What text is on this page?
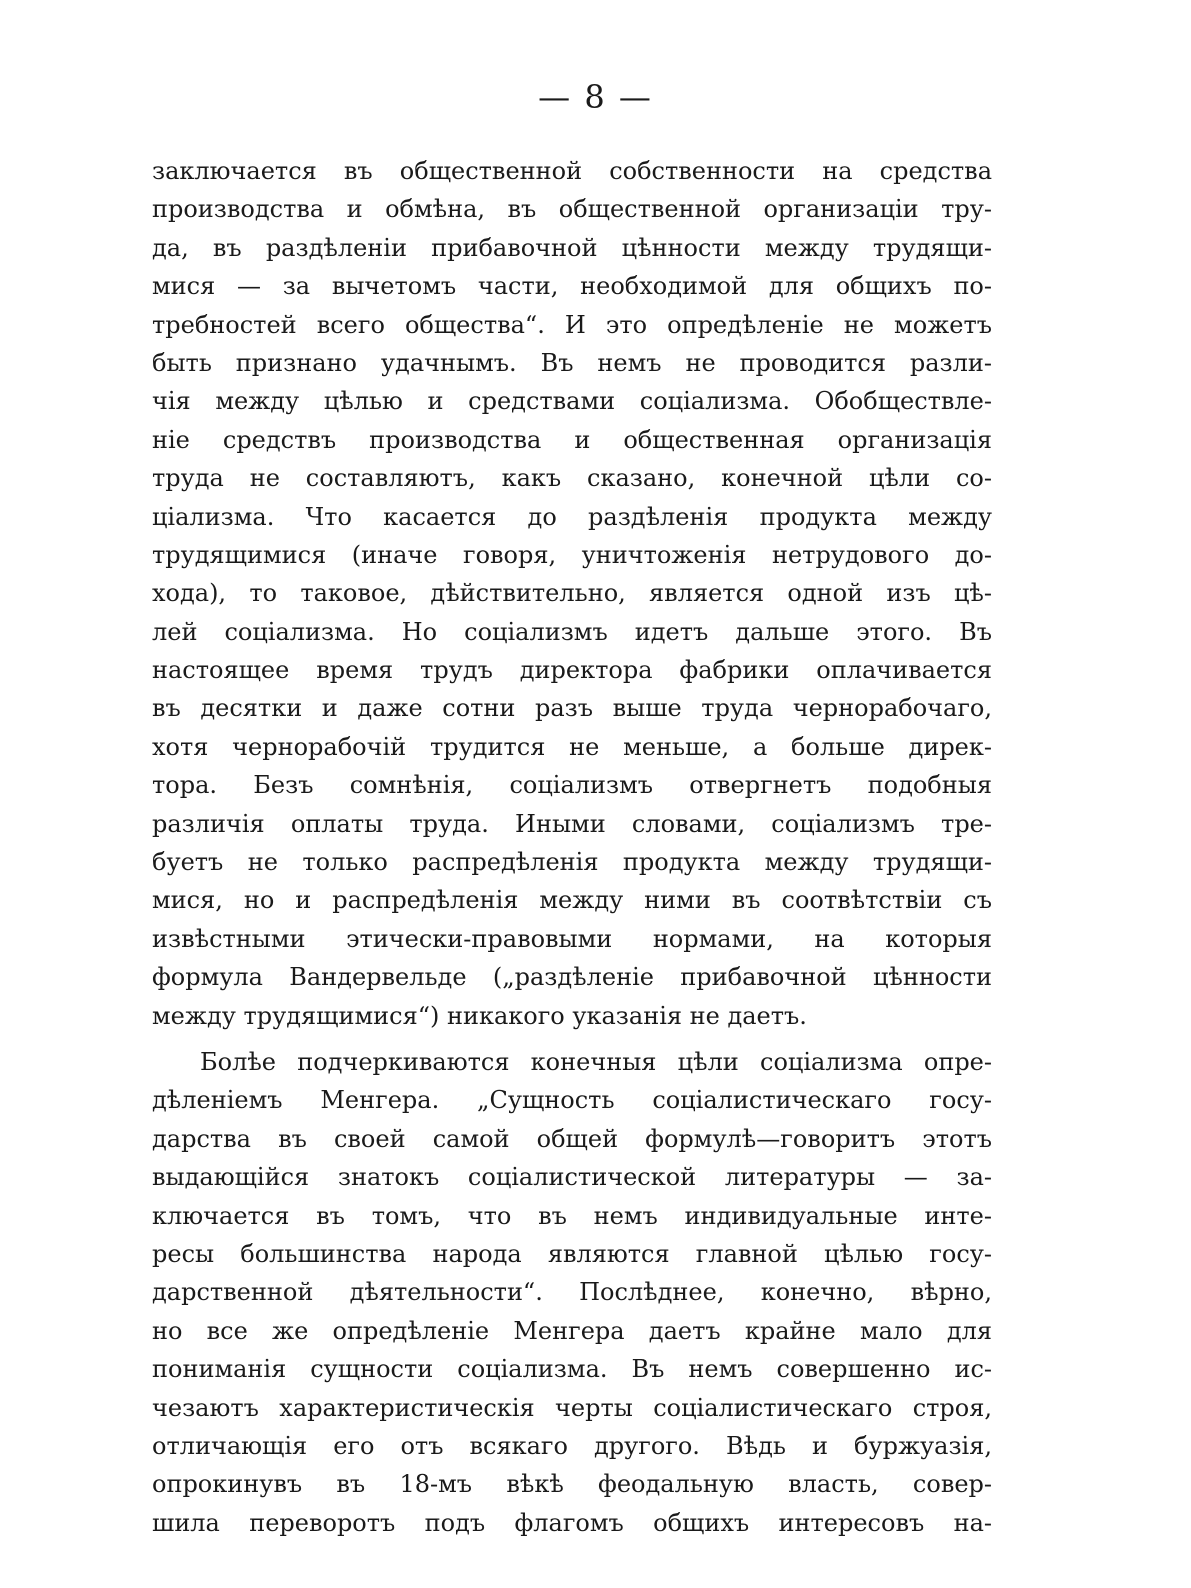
— 8 —
заключается въ общественной собственности на средства
производства и обмѣна, въ общественной организаціи тру-
да, въ раздѣленіи прибавочной цѣнности между трудящи-
мися — за вычетомъ части, необходимой для общихъ по-
требностей всего общества“. И это опредѣленіе не можетъ
быть признано удачнымъ. Въ немъ не проводится разли-
чія между цѣлью и средствами соціализма. Обобществле-
ніе средствъ производства и общественная организація
труда не составляютъ, какъ сказано, конечной цѣли со-
ціализма. Что касается до раздѣленія продукта между
трудящимися (иначе говоря, уничтоженія нетрудового до-
хода), то таковое, дѣйствительно, является одной изъ цѣ-
лей соціализма. Но соціализмъ идетъ дальше этого. Въ
настоящее время трудъ директора фабрики оплачивается
въ десятки и даже сотни разъ выше труда чернорабочаго,
хотя чернорабочій трудится не меньше, а больше дирек-
тора. Безъ сомнѣнія, соціализмъ отвергнетъ подобныя
различія оплаты труда. Иными словами, соціализмъ тре-
буетъ не только распредѣленія продукта между трудящи-
мися, но и распредѣленія между ними въ соотвѣтствіи съ
извѣстными этически-правовыми нормами, на которыя
формула Вандервельде („раздѣленіе прибавочной цѣнности
между трудящимися“) никакого указанія не даетъ.
Болѣе подчеркиваются конечныя цѣли соціализма опре-
дѣленіемъ Менгера. „Сущность соціалистическаго госу-
дарства въ своей самой общей формулѣ—говоритъ этотъ
выдающійся знатокъ соціалистической литературы — за-
ключается въ томъ, что въ немъ индивидуальные инте-
ресы большинства народа являются главной цѣлью госу-
дарственной дѣятельности“. Послѣднее, конечно, вѣрно,
но все же опредѣленіе Менгера даетъ крайне мало для
пониманія сущности соціализма. Въ немъ совершенно ис-
чезаютъ характеристическія черты соціалистическаго строя,
отличающія его отъ всякаго другого. Вѣдь и буржуазія,
опрокинувъ въ 18-мъ вѣкѣ феодальную власть, совер-
шила переворотъ подъ флагомъ общихъ интересовъ на-
